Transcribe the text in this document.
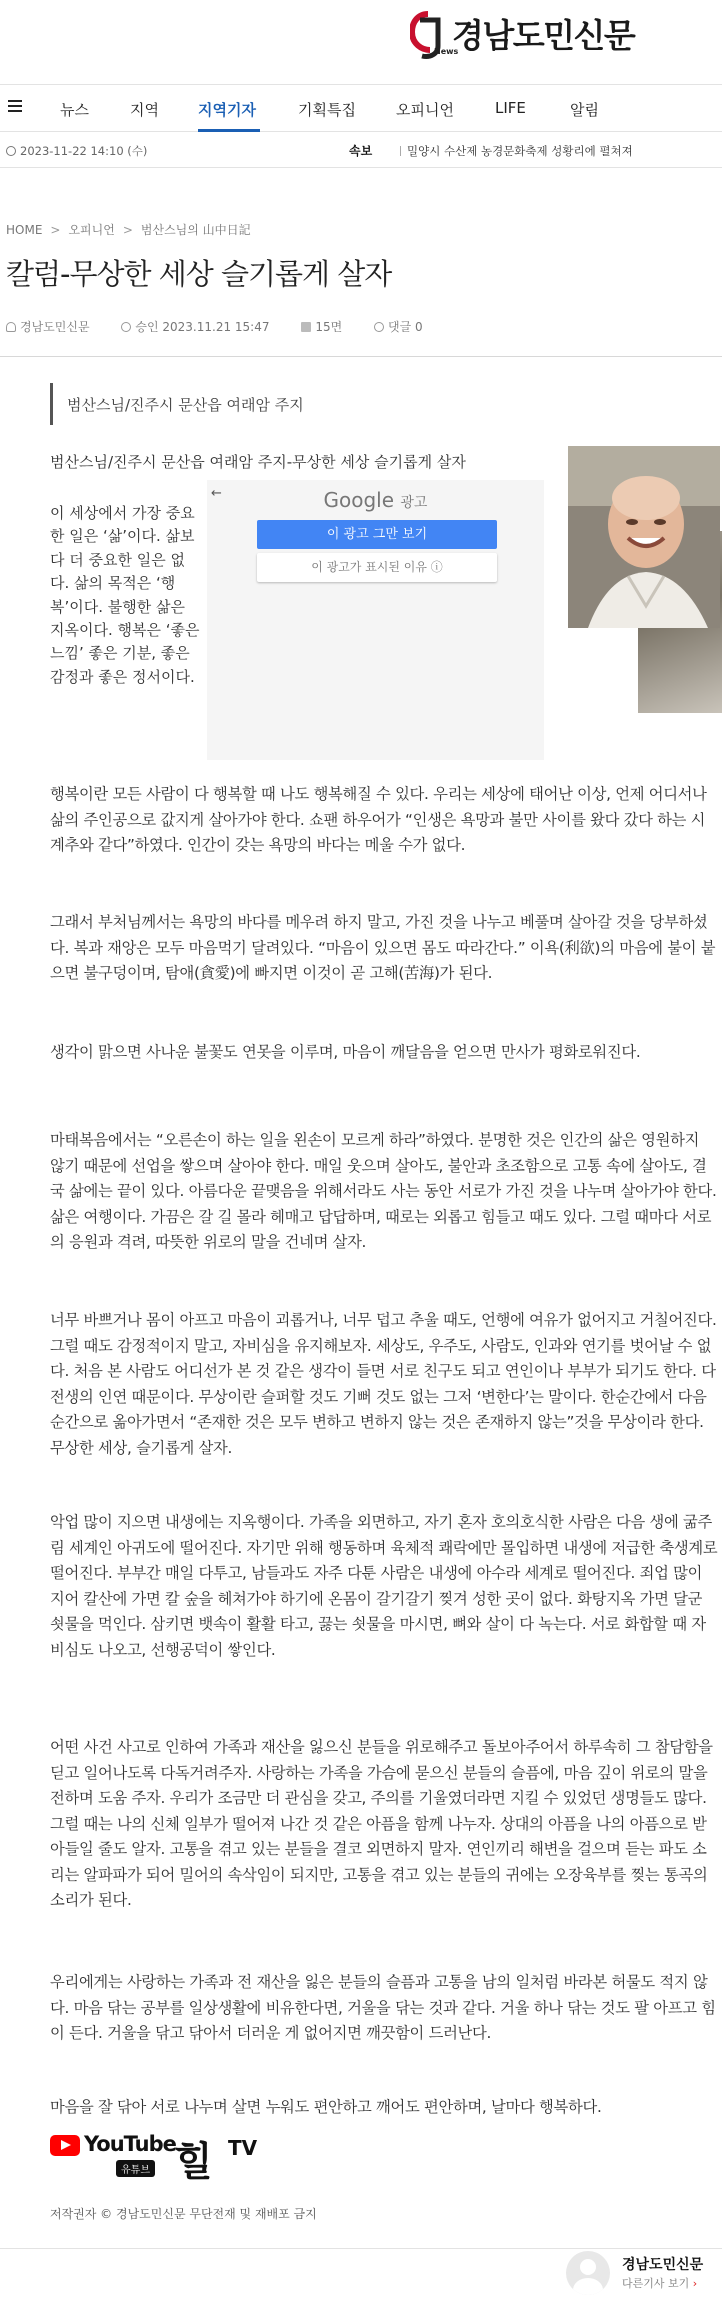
News
경남도민신문
뉴스	지역	지역기자	기획특집	오피니언	LIFE	알림
2023-11-22 14:10 (수)	속보	밀양시 수산제 농경문화축제 성황리에 펼쳐져
HOME > 오피니언 > 범산스님의 山中日記
칼럼-무상한 세상 슬기롭게 살자
경남도민신문	승인 2023.11.21 15:47	15면	댓글 0
범산스님/진주시 문산읍 여래암 주지
범산스님/진주시 문산읍 여래암 주지-무상한 세상 슬기롭게 살자
←	Google 광고
이 광고 그만 보기
이 광고가 표시된 이유 ⓘ

이 세상에서 가장 중요한 일은 ‘삶’이다. 삶보다 더 중요한 일은 없다. 삶의 목적은 ‘행복’이다. 불행한 삶은 지옥이다. 행복은 ‘좋은 느낌’ 좋은 기분, 좋은 감정과 좋은 정서이다.

행복이란 모든 사람이 다 행복할 때 나도 행복해질 수 있다. 우리는 세상에 태어난 이상, 언제 어디서나 삶의 주인공으로 값지게 살아가야 한다. 쇼팬 하우어가 “인생은 욕망과 불만 사이를 왔다 갔다 하는 시계추와 같다”하였다. 인간이 갖는 욕망의 바다는 메울 수가 없다.

그래서 부처님께서는 욕망의 바다를 메우려 하지 말고, 가진 것을 나누고 베풀며 살아갈 것을 당부하셨다. 복과 재앙은 모두 마음먹기 달려있다. “마음이 있으면 몸도 따라간다.” 이욕(利欲)의 마음에 불이 붙으면 불구덩이며, 탐애(貪愛)에 빠지면 이것이 곧 고해(苦海)가 된다.

생각이 맑으면 사나운 불꽃도 연못을 이루며, 마음이 깨달음을 얻으면 만사가 평화로워진다.

마태복음에서는 “오른손이 하는 일을 왼손이 모르게 하라”하였다. 분명한 것은 인간의 삶은 영원하지 않기 때문에 선업을 쌓으며 살아야 한다. 매일 웃으며 살아도, 불안과 초조함으로 고통 속에 살아도, 결국 삶에는 끝이 있다. 아름다운 끝맺음을 위해서라도 사는 동안 서로가 가진 것을 나누며 살아가야 한다. 삶은 여행이다. 가끔은 갈 길 몰라 헤매고 답답하며, 때로는 외롭고 힘들고 때도 있다. 그럴 때마다 서로의 응원과 격려, 따뜻한 위로의 말을 건네며 살자.

너무 바쁘거나 몸이 아프고 마음이 괴롭거나, 너무 덥고 추울 때도, 언행에 여유가 없어지고 거칠어진다. 그럴 때도 감정적이지 말고, 자비심을 유지해보자. 세상도, 우주도, 사람도, 인과와 연기를 벗어날 수 없다. 처음 본 사람도 어디선가 본 것 같은 생각이 들면 서로 친구도 되고 연인이나 부부가 되기도 한다. 다 전생의 인연 때문이다. 무상이란 슬퍼할 것도 기뻐 것도 없는 그저 ‘변한다’는 말이다. 한순간에서 다음 순간으로 옮아가면서 “존재한 것은 모두 변하고 변하지 않는 것은 존재하지 않는”것을 무상이라 한다. 무상한 세상, 슬기롭게 살자.

악업 많이 지으면 내생에는 지옥행이다. 가족을 외면하고, 자기 혼자 호의호식한 사람은 다음 생에 굶주림 세계인 아귀도에 떨어진다. 자기만 위해 행동하며 육체적 쾌락에만 몰입하면 내생에 저급한 축생계로 떨어진다. 부부간 매일 다투고, 남들과도 자주 다툰 사람은 내생에 아수라 세계로 떨어진다. 죄업 많이 지어 칼산에 가면 칼 숲을 헤쳐가야 하기에 온몸이 갈기갈기 찢겨 성한 곳이 없다. 화탕지옥 가면 달군 쇳물을 먹인다. 삼키면 뱃속이 활활 타고, 끓는 쇳물을 마시면, 뼈와 살이 다 녹는다. 서로 화합할 때 자비심도 나오고, 선행공덕이 쌓인다.

어떤 사건 사고로 인하여 가족과 재산을 잃으신 분들을 위로해주고 돌보아주어서 하루속히 그 참담함을 딛고 일어나도록 다독거려주자. 사랑하는 가족을 가슴에 묻으신 분들의 슬픔에, 마음 깊이 위로의 말을 전하며 도움 주자. 우리가 조금만 더 관심을 갖고, 주의를 기울였더라면 지킬 수 있었던 생명들도 많다. 그럴 때는 나의 신체 일부가 떨어져 나간 것 같은 아픔을 함께 나누자. 상대의 아픔을 나의 아픔으로 받아들일 줄도 알자. 고통을 겪고 있는 분들을 결코 외면하지 말자. 연인끼리 해변을 걸으며 듣는 파도 소리는 알파파가 되어 밀어의 속삭임이 되지만, 고통을 겪고 있는 분들의 귀에는 오장육부를 찢는 통곡의 소리가 된다.

우리에게는 사랑하는 가족과 전 재산을 잃은 분들의 슬픔과 고통을 남의 일처럼 바라본 허물도 적지 않다. 마음 닦는 공부를 일상생활에 비유한다면, 거울을 닦는 것과 같다. 거울 하나 닦는 것도 팔 아프고 힘이 든다. 거울을 닦고 닦아서 더러운 게 없어지면 깨끗함이 드러난다.

마음을 잘 닦아 서로 나누며 살면 누워도 편안하고 깨어도 편안하며, 날마다 행복하다.

YouTube
유튜브 힐 TV
저작권자 © 경남도민신문 무단전재 및 재배포 금지
경남도민신문
다른기사 보기 ›
